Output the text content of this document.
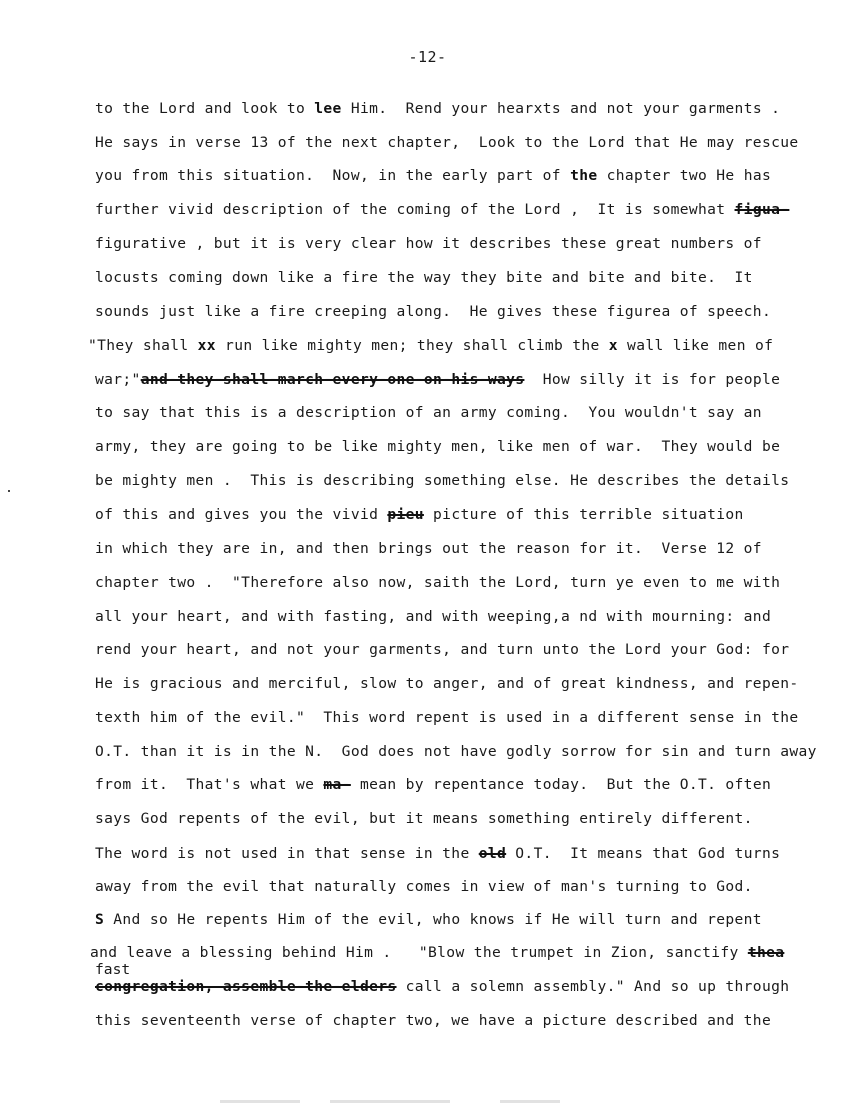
-12-
to the Lord and look to lee Him.  Rend your hearxts and not your garments .
He says in verse 13 of the next chapter,  Look to the Lord that He may rescue
you from this situation.  Now, in the early part of the chapter two He has
further vivid description of the coming of the Lord ,  It is somewhat figua-
figurative , but it is very clear how it describes these great numbers of
locusts coming down like a fire the way they bite and bite and bite.  It
sounds just like a fire creeping along.  He gives these figurea of speech.
"They shall xx run like mighty men; they shall climb the x wall like men of
war;"and-they-shall-march-every-one-on-his-ways  How silly it is for people
to say that this is a description of an army coming.  You wouldn't say an
army, they are going to be like mighty men, like men of war.  They would be
be mighty men .  This is describing something else. He describes the details
of this and gives you the vivid pieu picture of this terrible situation
in which they are in, and then brings out the reason for it.  Verse 12 of
chapter two .  "Therefore also now, saith the Lord, turn ye even to me with
all your heart, and with fasting, and with weeping,a nd with mourning: and
rend your heart, and not your garments, and turn unto the Lord your God: for
He is gracious and merciful, slow to anger, and of great kindness, and repen-
texth him of the evil."  This word repent is used in a different sense in the
O.T. than it is in the N.  God does not have godly sorrow for sin and turn away
from it.  That's what we ma- mean by repentance today.  But the O.T. often
says God repents of the evil, but it means something entirely different.
The word is not used in that sense in the old O.T.  It means that God turns
away from the evil that naturally comes in view of man's turning to God.
S And so He repents Him of the evil, who knows if He will turn and repent
and leave a blessing behind Him .   "Blow the trumpet in Zion, sanctify thea
congregation, assemble-the-elders call a solemn assembly." And so up through
this seventeenth verse of chapter two, we have a picture described and the
fast
